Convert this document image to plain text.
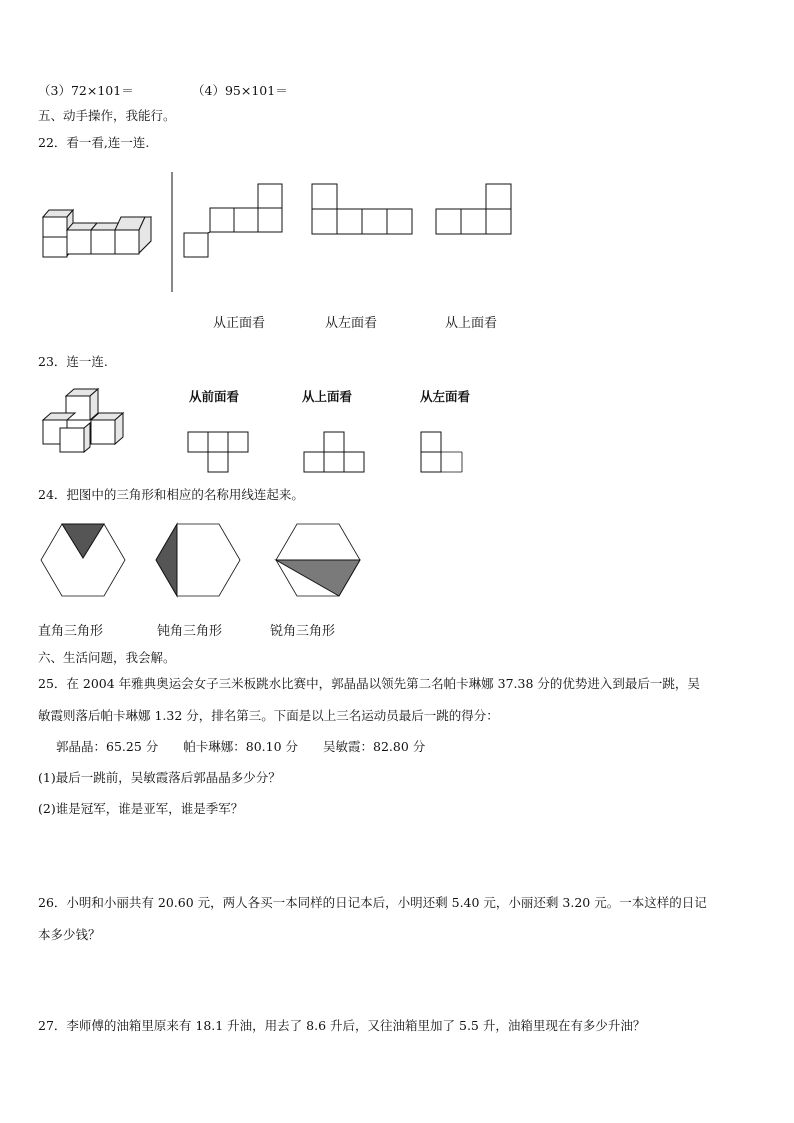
（3）72×101＝	（4）95×101＝
五、动手操作，我能行。
22．看一看,连一连.
从正面看	从左面看	从上面看
23．连一连.
从前面看	从上面看	从左面看
24．把图中的三角形和相应的名称用线连起来。
直角三角形	钝角三角形	锐角三角形
六、生活问题，我会解。
25．在 2004 年雅典奥运会女子三米板跳水比赛中，郭晶晶以领先第二名帕卡琳娜 37.38 分的优势进入到最后一跳，吴
敏霞则落后帕卡琳娜 1.32 分，排名第三。下面是以上三名运动员最后一跳的得分：
郭晶晶：65.25 分　　帕卡琳娜：80.10 分　　吴敏霞：82.80 分
(1)最后一跳前，吴敏霞落后郭晶晶多少分？
(2)谁是冠军，谁是亚军，谁是季军？
26．小明和小丽共有 20.60 元，两人各买一本同样的日记本后，小明还剩 5.40 元，小丽还剩 3.20 元。一本这样的日记
本多少钱？
27．李师傅的油箱里原来有 18.1 升油，用去了 8.6 升后，又往油箱里加了 5.5 升，油箱里现在有多少升油？
